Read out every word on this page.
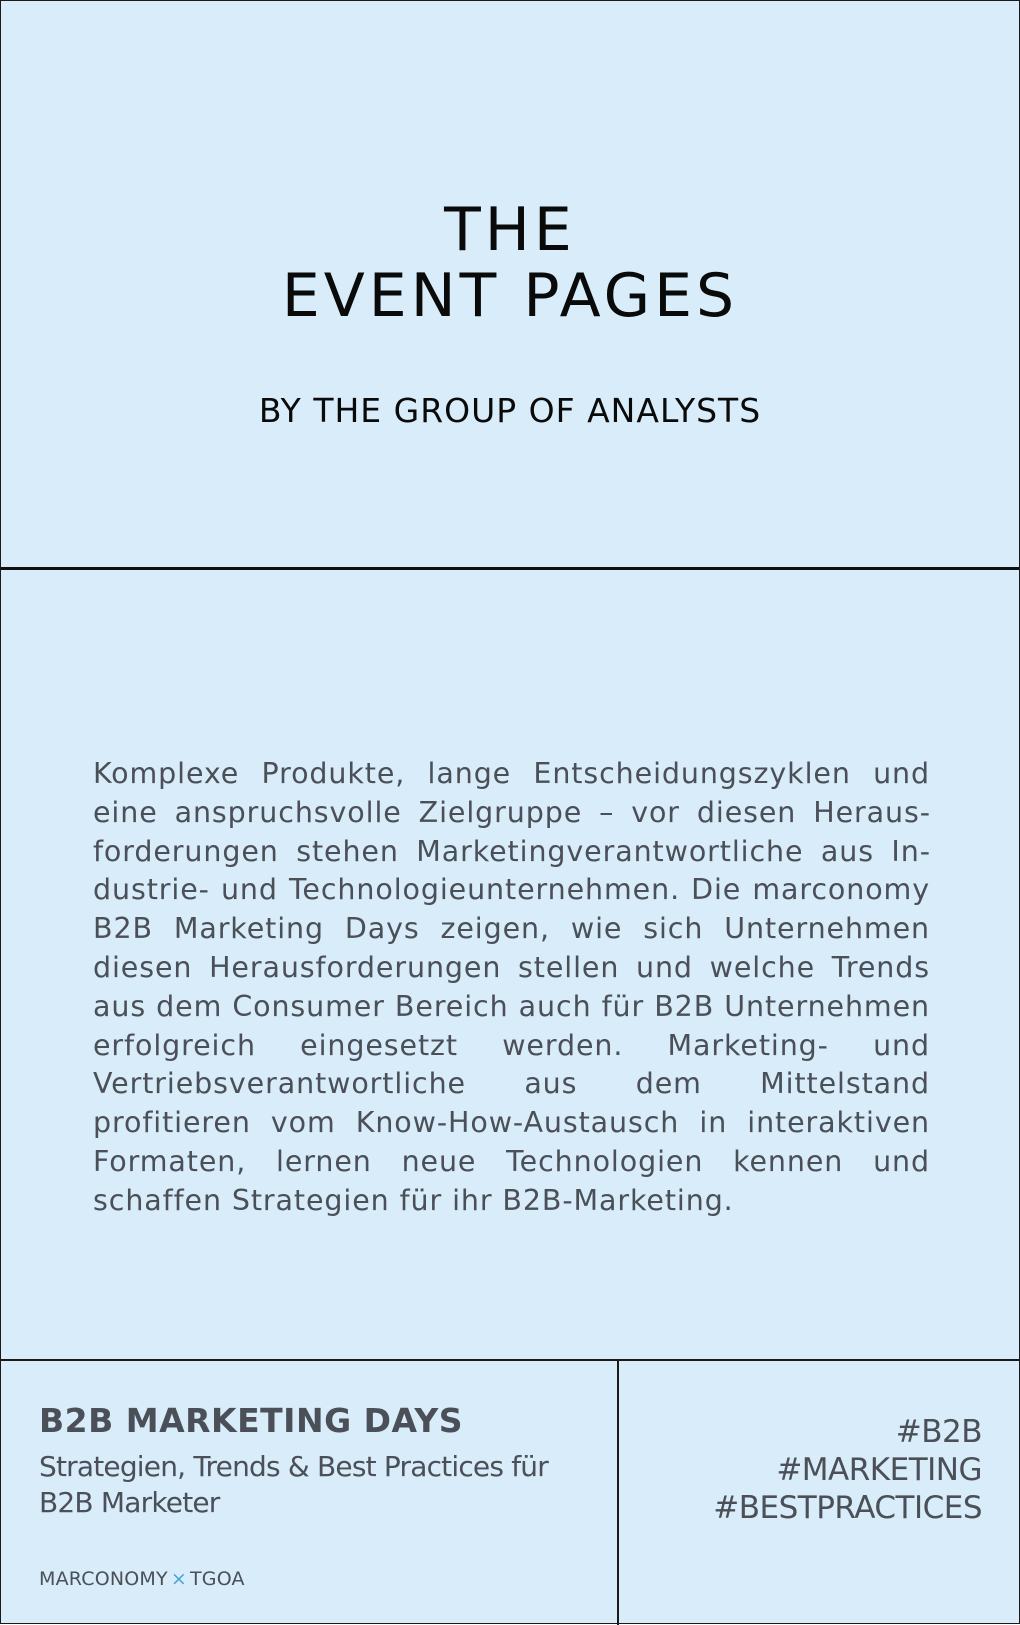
THE
EVENT PAGES
BY THE GROUP OF ANALYSTS

Komplexe Produkte, lange Entscheidungszyklen und eine anspruchsvolle Zielgruppe – vor diesen Herausforderungen stehen Marketingverantwortliche aus Industrie- und Technologieunternehmen. Die marconomy B2B Marketing Days zeigen, wie sich Unternehmen diesen Herausforderungen stellen und welche Trends aus dem Consumer Bereich auch für B2B Unternehmen erfolgreich eingesetzt werden. Marketing- und Vertriebsverantwortliche aus dem Mittelstand profitieren vom Know-How-Austausch in interaktiven Formaten, lernen neue Technologien kennen und schaffen Strategien für ihr B2B-Marketing.

B2B MARKETING DAYS

Strategien, Trends & Best Practices für B2B Marketer

MARCONOMY × TGOA
#B2B
#MARKETING
#BESTPRACTICES
